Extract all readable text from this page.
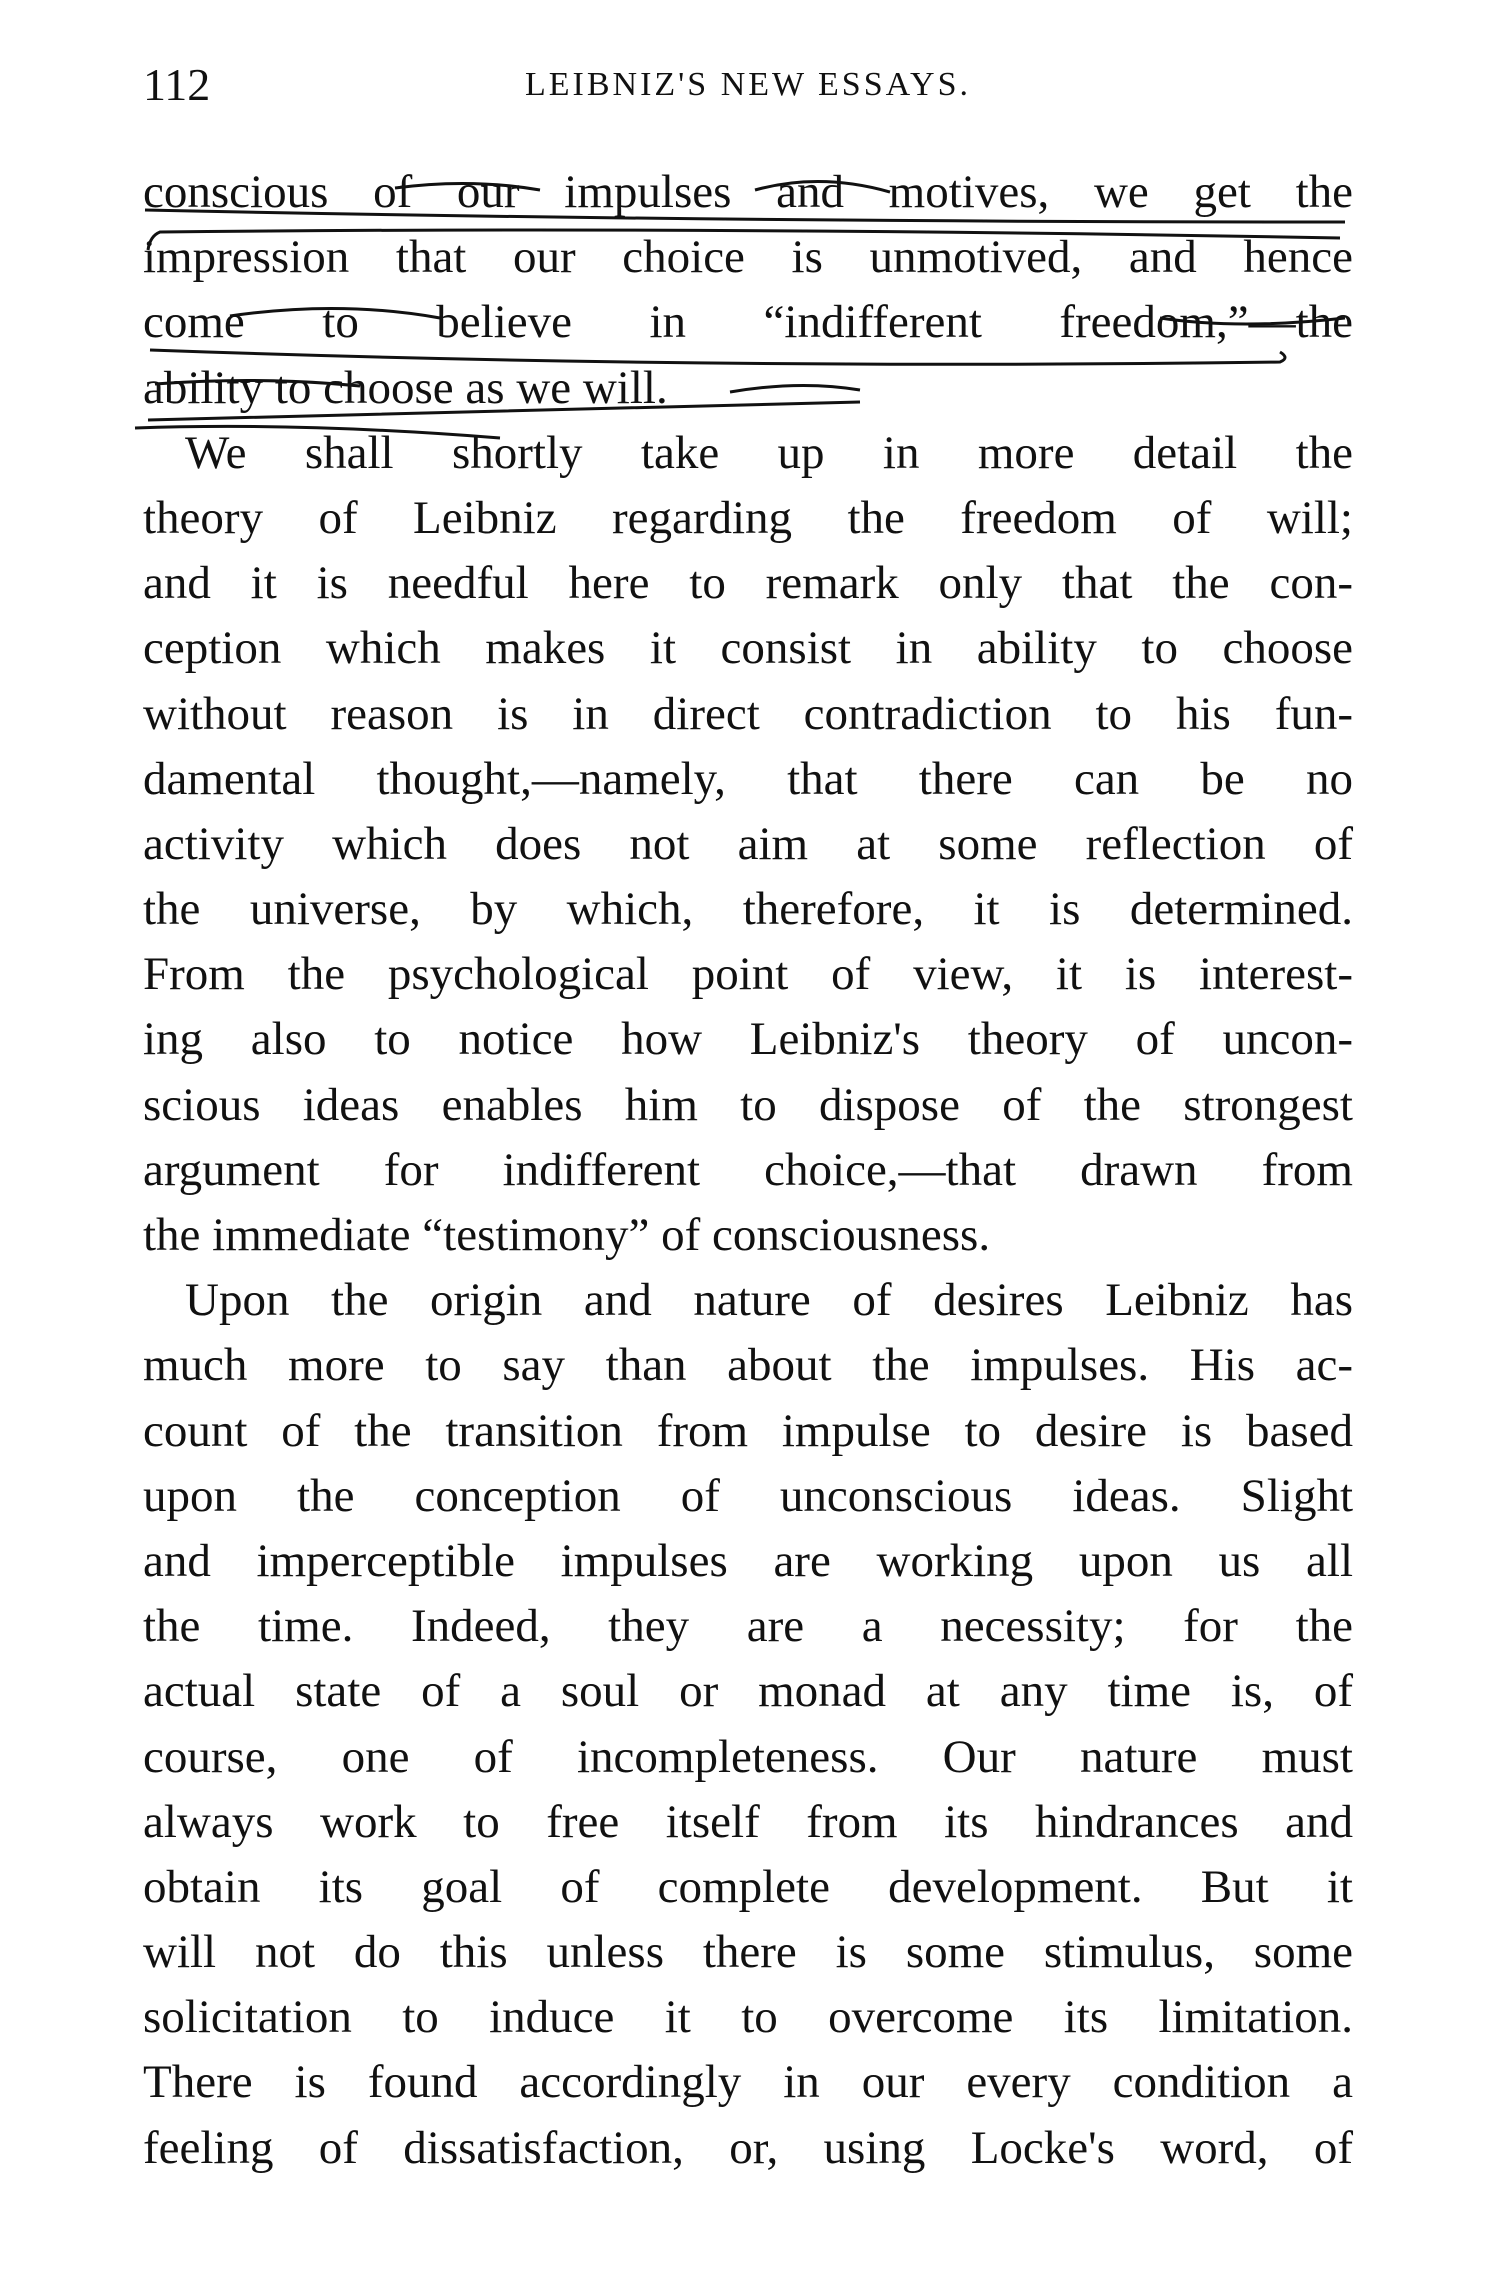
112	LEIBNIZ'S NEW ESSAYS.
conscious of our impulses and motives, we get the
impression that our choice is unmotived, and hence
come to believe in “indifferent freedom,”—the
ability to choose as we will.
We shall shortly take up in more detail the
theory of Leibniz regarding the freedom of will;
and it is needful here to remark only that the con-
ception which makes it consist in ability to choose
without reason is in direct contradiction to his fun-
damental thought,—namely, that there can be no
activity which does not aim at some reflection of
the universe, by which, therefore, it is determined.
From the psychological point of view, it is interest-
ing also to notice how Leibniz's theory of uncon-
scious ideas enables him to dispose of the strongest
argument for indifferent choice,—that drawn from
the immediate “testimony” of consciousness.
Upon the origin and nature of desires Leibniz has
much more to say than about the impulses. His ac-
count of the transition from impulse to desire is based
upon the conception of unconscious ideas. Slight
and imperceptible impulses are working upon us all
the time. Indeed, they are a necessity; for the
actual state of a soul or monad at any time is, of
course, one of incompleteness. Our nature must
always work to free itself from its hindrances and
obtain its goal of complete development. But it
will not do this unless there is some stimulus, some
solicitation to induce it to overcome its limitation.
There is found accordingly in our every condition a
feeling of dissatisfaction, or, using Locke's word, of
